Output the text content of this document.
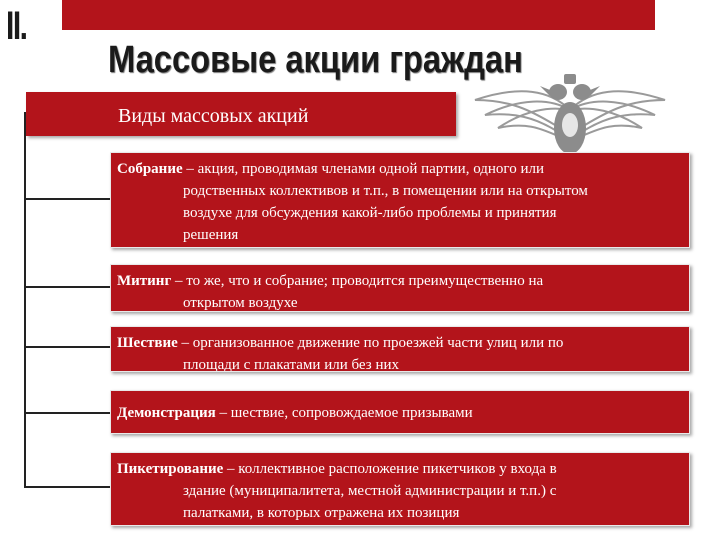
II.
Массовые акции граждан
Виды массовых акций
Собрание – акция, проводимая членами одной партии, одного или
родственных коллективов и т.п., в помещении или на открытом
воздухе для обсуждения какой-либо проблемы и принятия
решения
Митинг – то же, что и собрание; проводится преимущественно на
открытом воздухе
Шествие – организованное движение по проезжей части улиц или по
площади с плакатами или без них
Демонстрация – шествие, сопровождаемое призывами
Пикетирование – коллективное расположение пикетчиков у входа в
здание (муниципалитета, местной администрации и т.п.) с
палатками, в которых отражена их позиция
